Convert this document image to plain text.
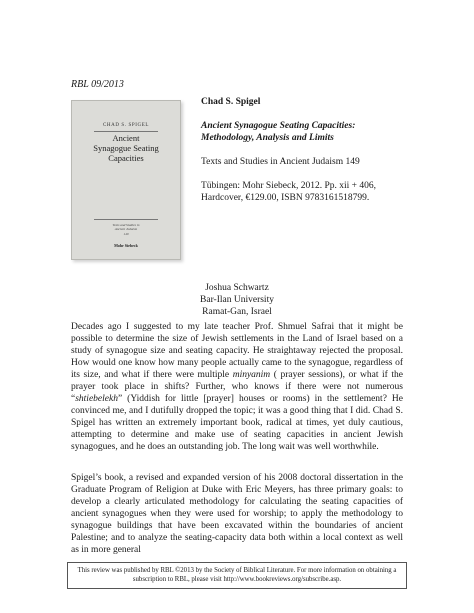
RBL 09/2013
CHAD S. SPIGEL
Ancient
Synagogue Seating
Capacities
Texts and Studies in
Ancient Judaism
149
Mohr Siebeck
Chad S. Spigel
Ancient Synagogue Seating Capacities:
Methodology, Analysis and Limits
Texts and Studies in Ancient Judaism 149
Tübingen: Mohr Siebeck, 2012. Pp. xii + 406,
Hardcover, €129.00, ISBN 9783161518799.
Joshua Schwartz
Bar-Ilan University
Ramat-Gan, Israel

Decades ago I suggested to my late teacher Prof. Shmuel Safrai that it might be possible to determine the size of Jewish settlements in the Land of Israel based on a study of synagogue size and seating capacity. He straightaway rejected the proposal. How would one know how many people actually came to the synagogue, regardless of its size, and what if there were multiple minyanim ( prayer sessions), or what if the prayer took place in shifts? Further, who knows if there were not numerous “shtiebelekh” (Yiddish for little [prayer] houses or rooms) in the settlement? He convinced me, and I dutifully dropped the topic; it was a good thing that I did. Chad S. Spigel has written an extremely important book, radical at times, yet duly cautious, attempting to determine and make use of seating capacities in ancient Jewish synagogues, and he does an outstanding job. The long wait was well worthwhile.

Spigel’s book, a revised and expanded version of his 2008 doctoral dissertation in the Graduate Program of Religion at Duke with Eric Meyers, has three primary goals: to develop a clearly articulated methodology for calculating the seating capacities of ancient synagogues when they were used for worship; to apply the methodology to synagogue buildings that have been excavated within the boundaries of ancient Palestine; and to analyze the seating-capacity data both within a local context as well as in more general

This review was published by RBL ©2013 by the Society of Biblical Literature. For more information on obtaining a
subscription to RBL, please visit http://www.bookreviews.org/subscribe.asp.
